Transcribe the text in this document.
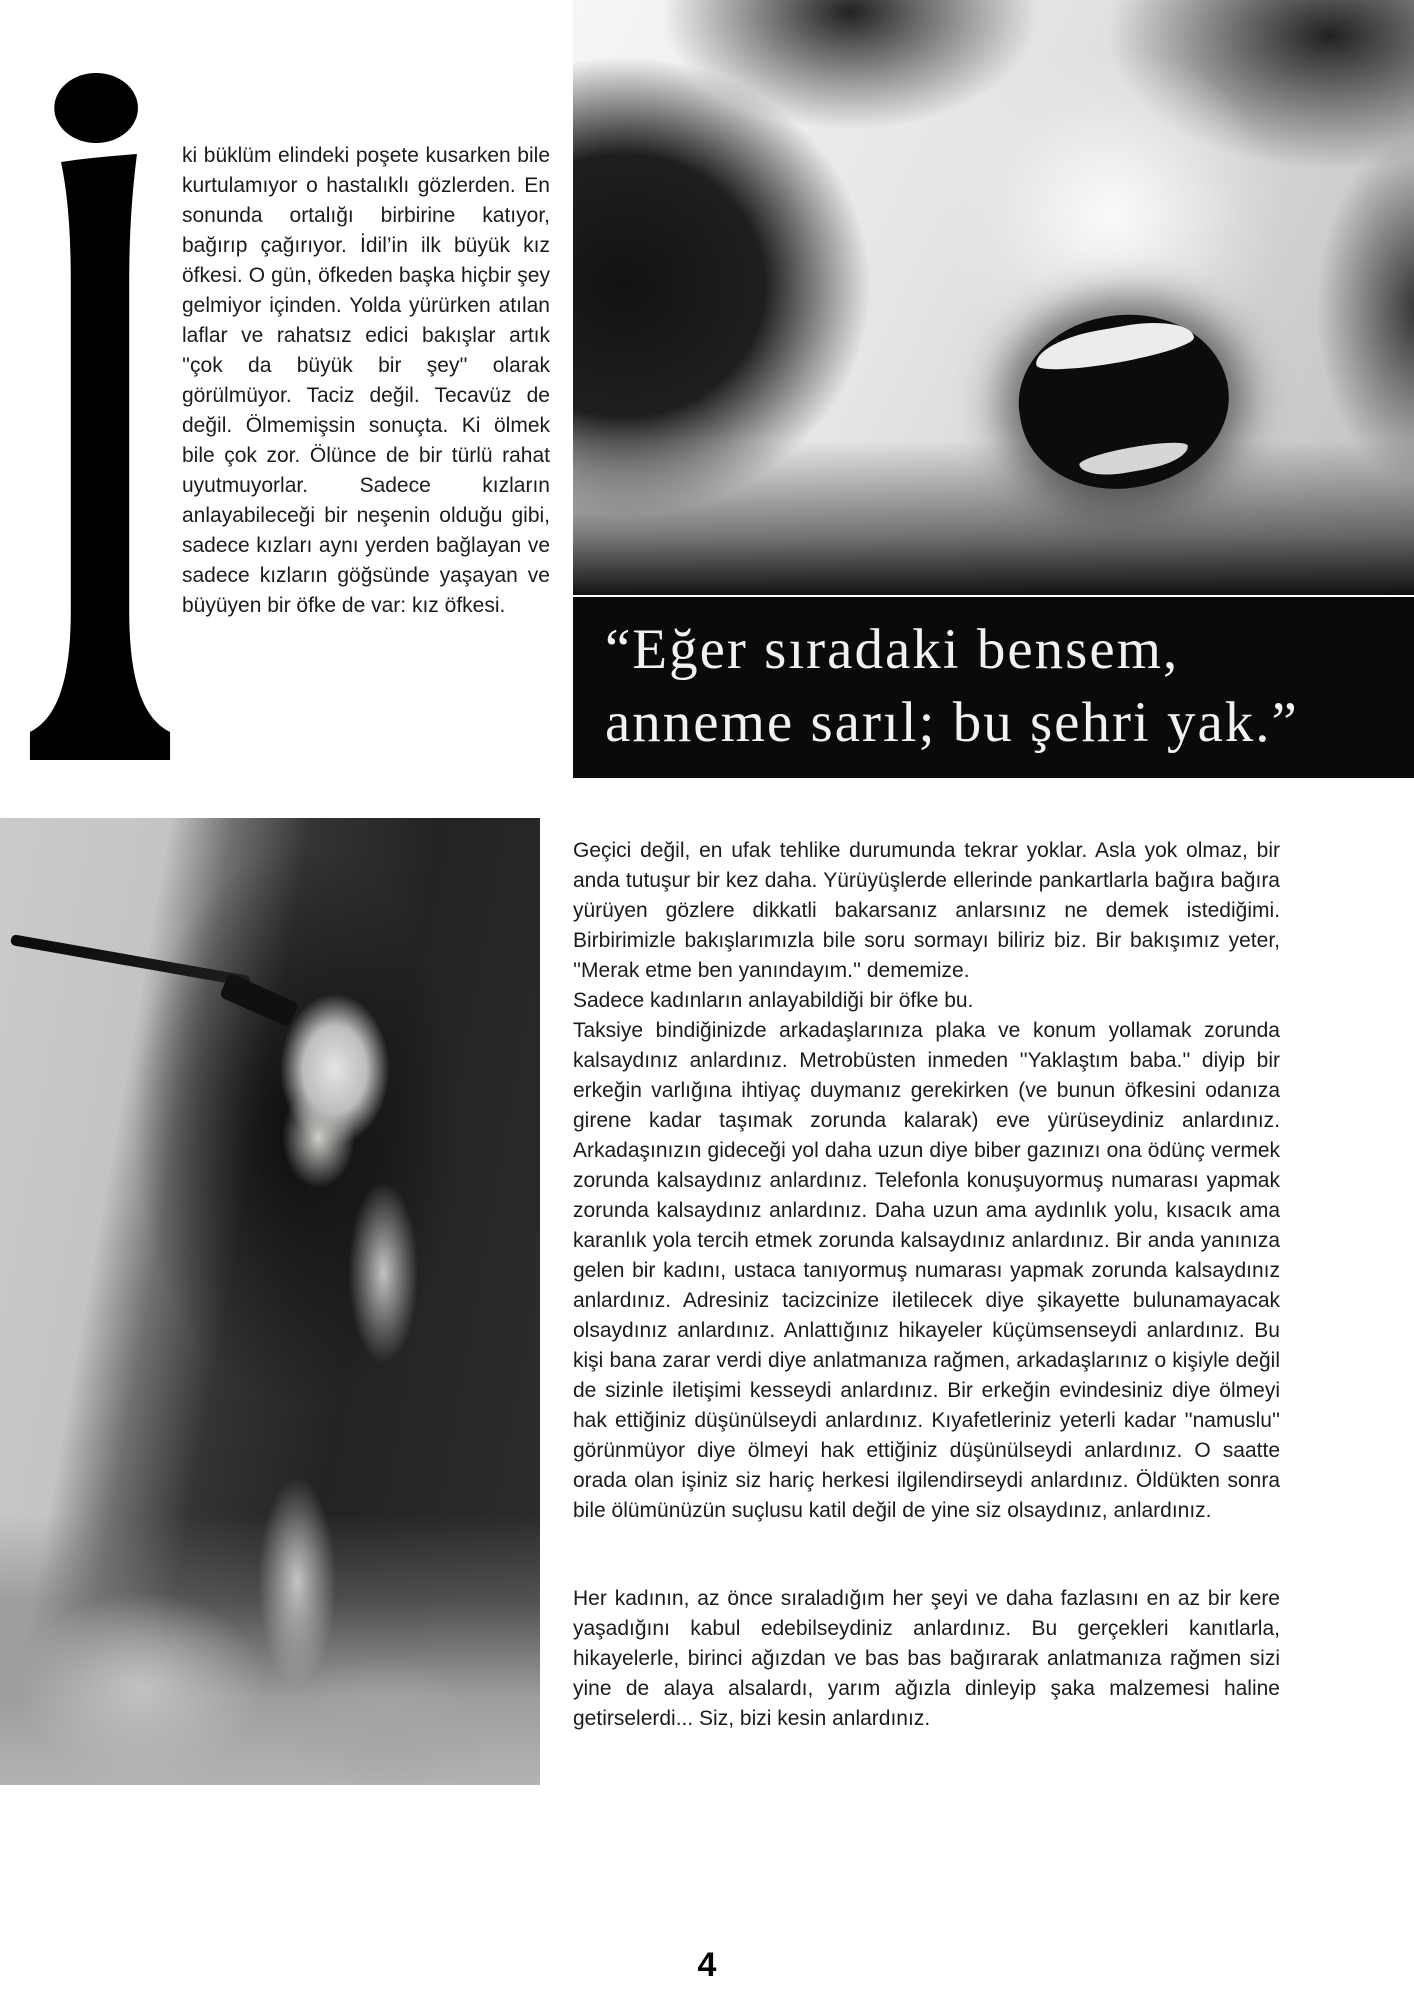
ki büklüm elindeki poşete kusarken bile kurtulamıyor o hastalıklı gözlerden. En sonunda ortalığı birbirine katıyor, bağırıp çağırıyor. İdil’in ilk büyük kız öfkesi. O gün, öfkeden başka hiçbir şey gelmiyor içinden. Yolda yürürken atılan laflar ve rahatsız edici bakışlar artık ''çok da büyük bir şey'' olarak görülmüyor. Taciz değil. Tecavüz de değil. Ölmemişsin sonuçta. Ki ölmek bile çok zor. Ölünce de bir türlü rahat uyutmuyorlar. Sadece kızların anlayabileceği bir neşenin olduğu gibi, sadece kızları aynı yerden bağlayan ve sadece kızların göğsünde yaşayan ve büyüyen bir öfke de var: kız öfkesi.

“Eğer sıradaki bensem,
anneme sarıl; bu şehri yak.”

Geçici değil, en ufak tehlike durumunda tekrar yoklar. Asla yok olmaz, bir anda tutuşur bir kez daha. Yürüyüşlerde ellerinde pankartlarla bağıra bağıra yürüyen gözlere dikkatli bakarsanız anlarsınız ne demek istediğimi. Birbirimizle bakışlarımızla bile soru sormayı biliriz biz. Bir bakışımız yeter, ''Merak etme ben yanındayım.'' dememize.

Sadece kadınların anlayabildiği bir öfke bu.

Taksiye bindiğinizde arkadaşlarınıza plaka ve konum yollamak zorunda kalsaydınız anlardınız. Metrobüsten inmeden ''Yaklaştım baba.'' diyip bir erkeğin varlığına ihtiyaç duymanız gerekirken (ve bunun öfkesini odanıza girene kadar taşımak zorunda kalarak) eve yürüseydiniz anlardınız. Arkadaşınızın gideceği yol daha uzun diye biber gazınızı ona ödünç vermek zorunda kalsaydınız anlardınız. Telefonla konuşuyormuş numarası yapmak zorunda kalsaydınız anlardınız. Daha uzun ama aydınlık yolu, kısacık ama karanlık yola tercih etmek zorunda kalsaydınız anlardınız. Bir anda yanınıza gelen bir kadını, ustaca tanıyormuş numarası yapmak zorunda kalsaydınız anlardınız. Adresiniz tacizcinize iletilecek diye şikayette bulunamayacak olsaydınız anlardınız. Anlattığınız hikayeler küçümsenseydi anlardınız. Bu kişi bana zarar verdi diye anlatmanıza rağmen, arkadaşlarınız o kişiyle değil de sizinle iletişimi kesseydi anlardınız. Bir erkeğin evindesiniz diye ölmeyi hak ettiğiniz düşünülseydi anlardınız. Kıyafetleriniz yeterli kadar ''namuslu'' görünmüyor diye ölmeyi hak ettiğiniz düşünülseydi anlardınız. O saatte orada olan işiniz siz hariç herkesi ilgilendirseydi anlardınız. Öldükten sonra bile ölümünüzün suçlusu katil değil de yine siz olsaydınız, anlardınız.

Her kadının, az önce sıraladığım her şeyi ve daha fazlasını en az bir kere yaşadığını kabul edebilseydiniz anlardınız. Bu gerçekleri kanıtlarla, hikayelerle, birinci ağızdan ve bas bas bağırarak anlatmanıza rağmen sizi yine de alaya alsalardı, yarım ağızla dinleyip şaka malzemesi haline getirselerdi... Siz, bizi kesin anlardınız.

4
